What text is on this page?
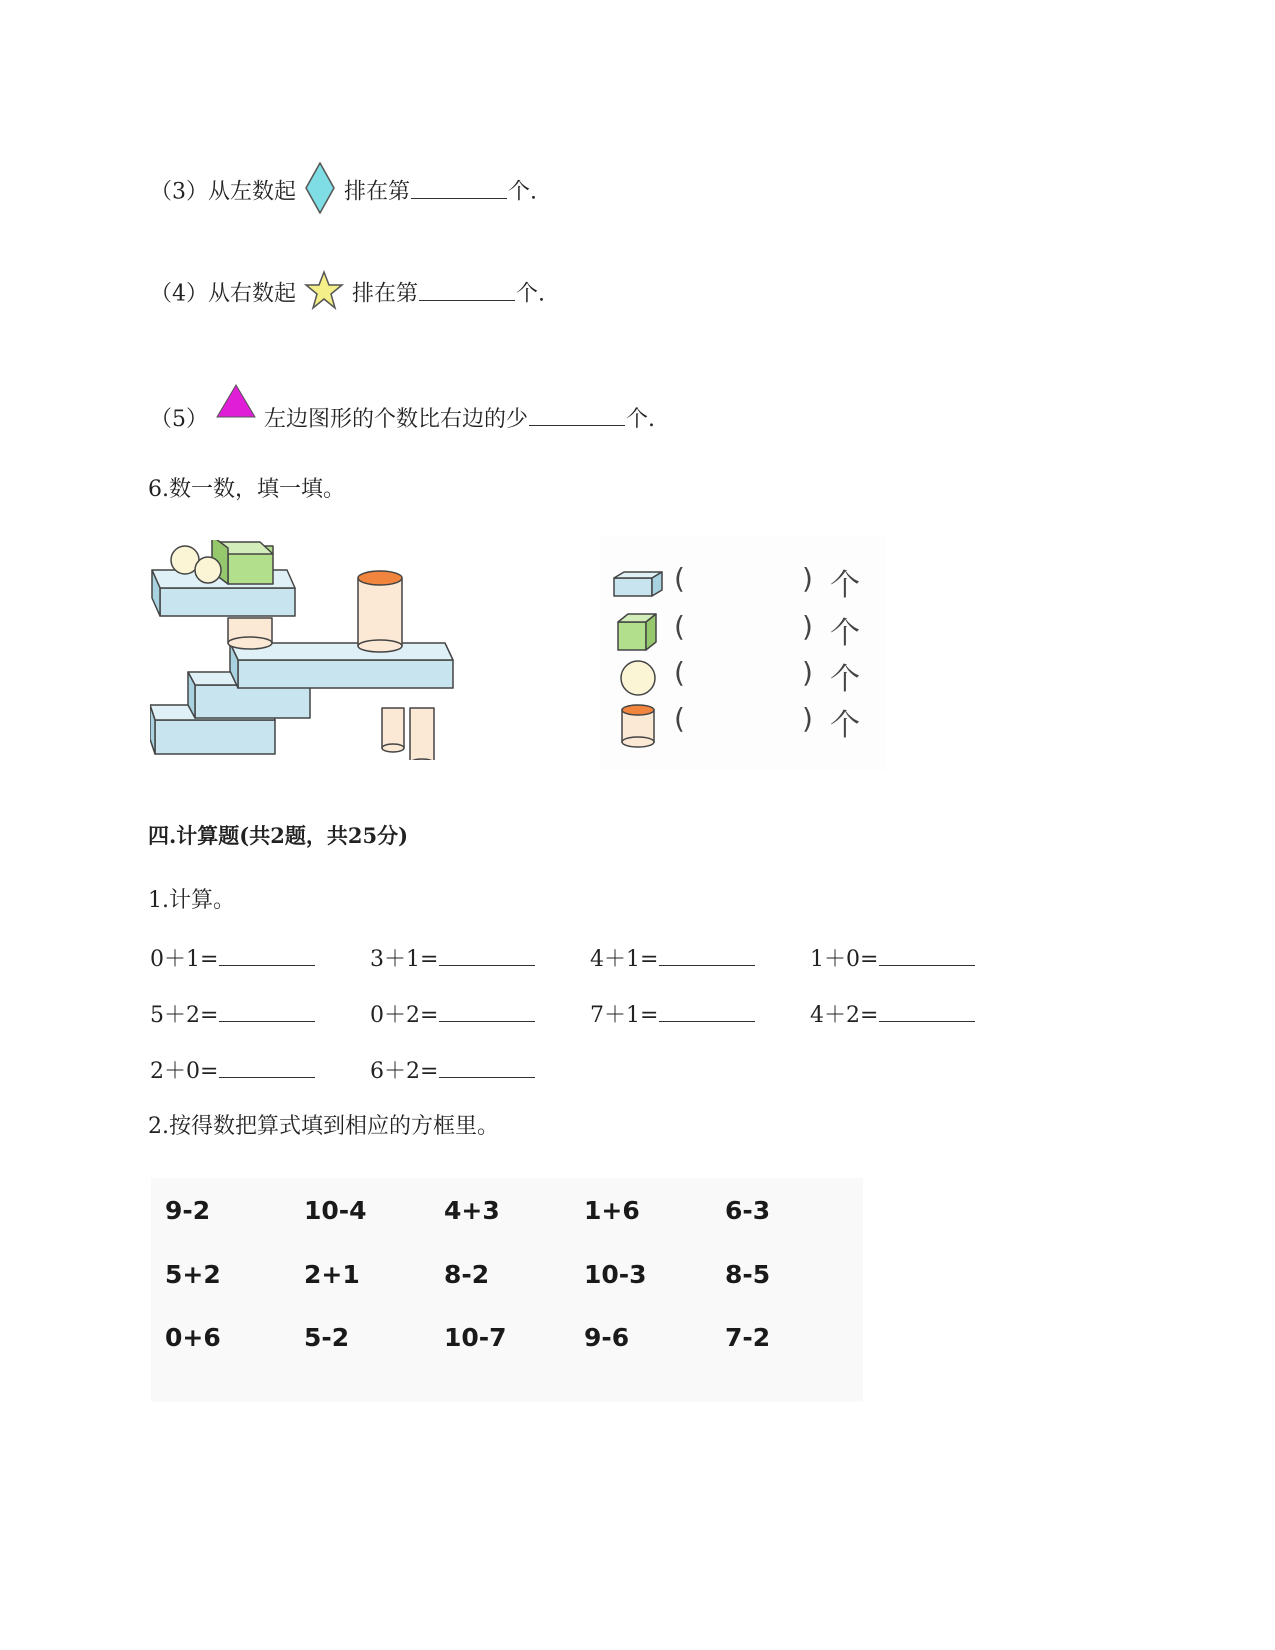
（3）从左数起 排在第	个.
（4）从右数起	排在第	个.
（5）	左边图形的个数比右边的少	个.
6.数一数，填一填。
(	) 个
(	) 个
(	) 个
(	) 个
四.计算题(共2题，共25分)
1.计算。
0＋1=	3＋1=	4＋1=	1＋0=
5＋2=	0＋2=	7＋1=	4＋2=
2＋0=	6＋2=
2.按得数把算式填到相应的方框里。
9-2	10-4	4+3	1+6	6-3
5+2	2+1	8-2	10-3	8-5
0+6	5-2	10-7	9-6	7-2
